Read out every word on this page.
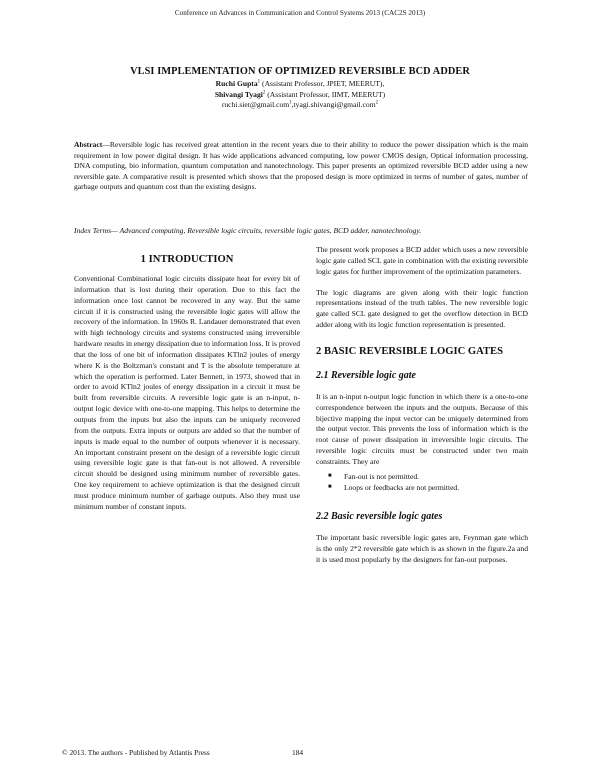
Conference on Advances in Communication and Control Systems 2013 (CAC2S 2013)
VLSI IMPLEMENTATION OF OPTIMIZED REVERSIBLE BCD ADDER
Ruchi Gupta$^1$ (Assistant Professor, JPIET, MEERUT),
Shivangi Tyagi$^2$ (Assistant Professor, IIMT, MEERUT)
ruchi.siet@gmail.com$^1$,tyagi.shivangi@gmail.com$^2$
Abstract—Reversible logic has received great attention in the recent years due to their ability to reduce the power dissipation which is the main requirement in low power digital design. It has wide applications advanced computing, low power CMOS design, Optical information processing, DNA computing, bio information, quantum computation and nanotechnology. This paper presents an optimized reversible BCD adder using a new reversible gate. A comparative result is presented which shows that the proposed design is more optimized in terms of number of gates, number of garbage outputs and quantum cost than the existing designs.
Index Terms— Advanced computing, Reversible logic circuits, reversible logic gates, BCD adder, nanotechnology.
1 INTRODUCTION

Conventional Combinational logic circuits dissipate heat for every bit of information that is lost during their operation. Due to this fact the information once lost cannot be recovered in any way. But the same circuit if it is constructed using the reversible logic gates will allow the recovery of the information. In 1960s R. Landauer demonstrated that even with high technology circuits and systems constructed using irreversible hardware results in energy dissipation due to information loss. It is proved that the loss of one bit of information dissipates KTln2 joules of energy where K is the Boltzman's constant and T is the absolute temperature at which the operation is performed. Later Bennett, in 1973, showed that in order to avoid KTln2 joules of energy dissipation in a circuit it must be built from reversible circuits. A reversible logic gate is an n-input, n-output logic device with one-to-one mapping. This helps to determine the outputs from the inputs but also the inputs can be uniquely recovered from the outputs. Extra inputs or outputs are added so that the number of inputs is made equal to the number of outputs whenever it is necessary. An important constraint present on the design of a reversible logic circuit using reversible logic gate is that fan-out is not allowed. A reversible circuit should be designed using minimum number of reversible gates. One key requirement to achieve optimization is that the designed circuit must produce minimum number of garbage outputs. Also they must use minimum number of constant inputs.

The present work proposes a BCD adder which uses a new reversible logic gate called SCL gate in combination with the existing reversible logic gates for further improvement of the optimization parameters.

The logic diagrams are given along with their logic function representations instead of the truth tables. The new reversible logic gate called SCL gate designed to get the overflow detection in BCD adder along with its logic function representation is presented.

2 BASIC REVERSIBLE LOGIC GATES
2.1 Reversible logic gate

It is an n-input n-output logic function in which there is a one-to-one correspondence between the inputs and the outputs. Because of this bijective mapping the input vector can be uniquely determined from the output vector. This prevents the loss of information which is the root cause of power dissipation in irreversible logic circuits. The reversible logic circuits must be constructed under two main constraints. They are

■ Fan-out is not permitted.
■ Loops or feedbacks are not permitted.
2.2 Basic reversible logic gates

The important basic reversible logic gates are, Feynman gate which is the only 2*2 reversible gate which is as shown in the figure.2a and it is used most popularly by the designers for fan-out purposes.

© 2013. The authors - Published by Atlantis Press	184
